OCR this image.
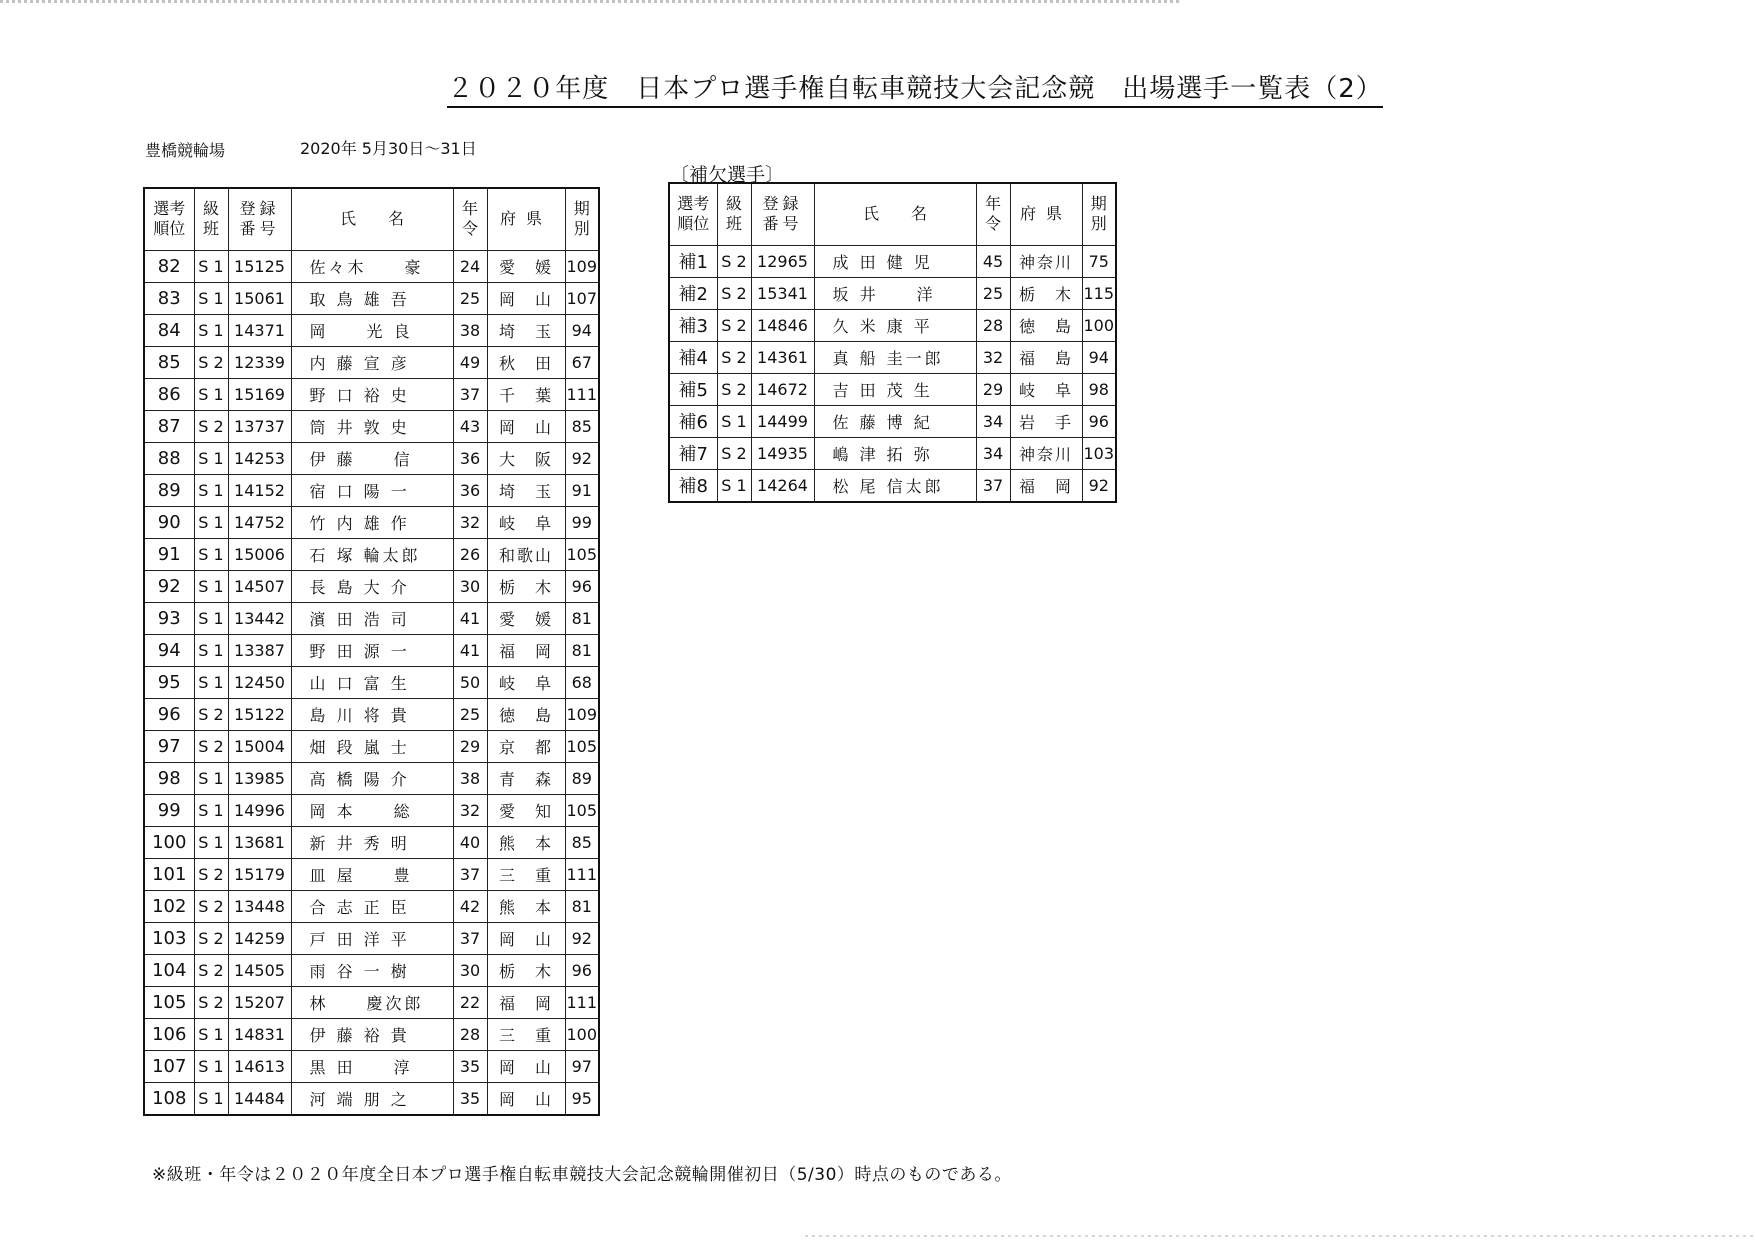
２０２０年度　日本プロ選手権自転車競技大会記念競　出場選手一覧表（2）
豊橋競輪場	2020年 5月30日～31日
〔補欠選手〕
選考順位	級班	登録番号	氏　　名	年令	府県	期別

82	S 1	15125	佐々木　　豪	24	愛　媛	109
83	S 1	15061	取 鳥 雄 吾	25	岡　山	107
84	S 1	14371	岡　　光 良	38	埼　玉	94
85	S 2	12339	内 藤 宣 彦	49	秋　田	67
86	S 1	15169	野 口 裕 史	37	千　葉	111
87	S 2	13737	筒 井 敦 史	43	岡　山	85
88	S 1	14253	伊 藤　　信	36	大　阪	92
89	S 1	14152	宿 口 陽 一	36	埼　玉	91
90	S 1	14752	竹 内 雄 作	32	岐　阜	99
91	S 1	15006	石 塚 輪太郎	26	和歌山	105
92	S 1	14507	長 島 大 介	30	栃　木	96
93	S 1	13442	濱 田 浩 司	41	愛　媛	81
94	S 1	13387	野 田 源 一	41	福　岡	81
95	S 1	12450	山 口 富 生	50	岐　阜	68
96	S 2	15122	島 川 将 貴	25	徳　島	109
97	S 2	15004	畑 段 嵐 士	29	京　都	105
98	S 1	13985	高 橋 陽 介	38	青　森	89
99	S 1	14996	岡 本　　総	32	愛　知	105
100	S 1	13681	新 井 秀 明	40	熊　本	85
101	S 2	15179	皿 屋　　豊	37	三　重	111
102	S 2	13448	合 志 正 臣	42	熊　本	81
103	S 2	14259	戸 田 洋 平	37	岡　山	92
104	S 2	14505	雨 谷 一 樹	30	栃　木	96
105	S 2	15207	林　　慶次郎	22	福　岡	111
106	S 1	14831	伊 藤 裕 貴	28	三　重	100
107	S 1	14613	黒 田　　淳	35	岡　山	97
108	S 1	14484	河 端 朋 之	35	岡　山	95
選考順位	級班	登録番号	氏　　名	年令	府県	期別

補1	S 2	12965	成 田 健 児	45	神奈川	75
補2	S 2	15341	坂 井　　洋	25	栃　木	115
補3	S 2	14846	久 米 康 平	28	徳　島	100
補4	S 2	14361	真 船 圭一郎	32	福　島	94
補5	S 2	14672	吉 田 茂 生	29	岐　阜	98
補6	S 1	14499	佐 藤 博 紀	34	岩　手	96
補7	S 2	14935	嶋 津 拓 弥	34	神奈川	103
補8	S 1	14264	松 尾 信太郎	37	福　岡	92
※級班・年令は２０２０年度全日本プロ選手権自転車競技大会記念競輪開催初日（5/30）時点のものである。
